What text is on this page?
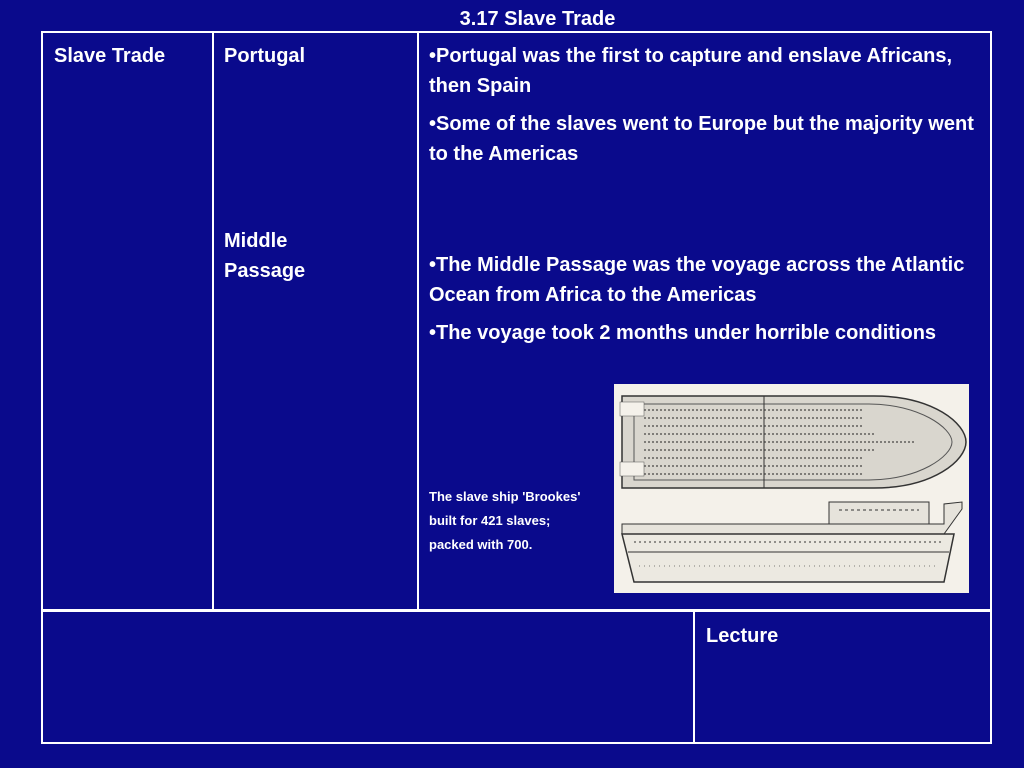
3.17 Slave Trade
Slave Trade	Portugal
Middle Passage

•Portugal was the first to capture and enslave Africans, then Spain

•Some of the slaves went to Europe but the majority went to the Americas

•The Middle Passage was the voyage across the Atlantic Ocean from Africa to the Americas

•The voyage took 2 months under horrible conditions

The slave ship 'Brookes'
built for 421 slaves;
packed with 700.
Lecture
